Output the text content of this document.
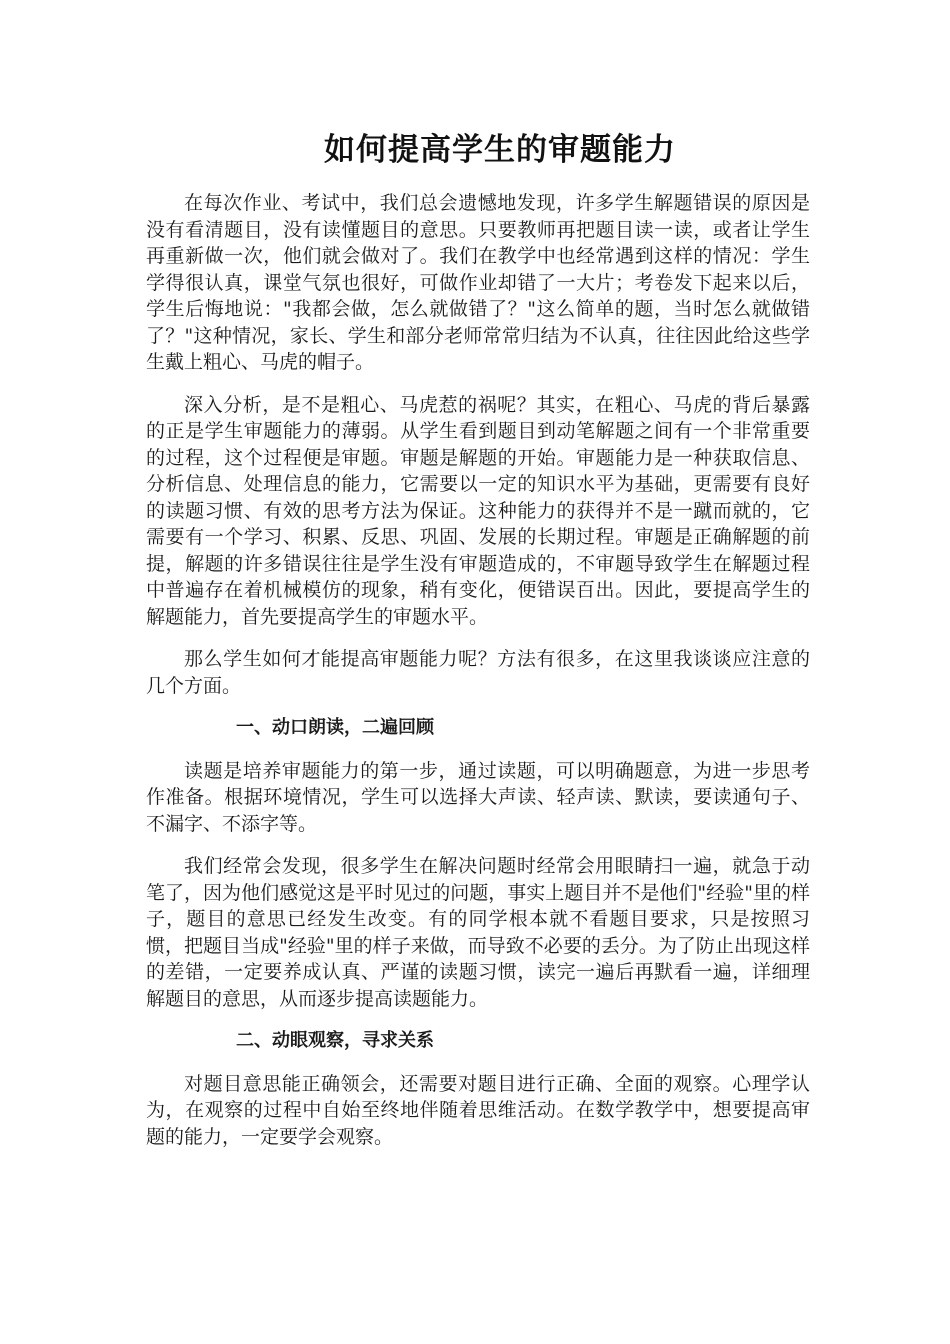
如何提高学生的审题能力

在每次作业、考试中，我们总会遗憾地发现，许多学生解题错误的原因是没有看清题目，没有读懂题目的意思。只要教师再把题目读一读，或者让学生再重新做一次，他们就会做对了。我们在教学中也经常遇到这样的情况：学生学得很认真，课堂气氛也很好，可做作业却错了一大片；考卷发下起来以后，学生后悔地说："我都会做，怎么就做错了？"这么简单的题，当时怎么就做错了？"这种情况，家长、学生和部分老师常常归结为不认真，往往因此给这些学生戴上粗心、马虎的帽子。

深入分析，是不是粗心、马虎惹的祸呢？其实，在粗心、马虎的背后暴露的正是学生审题能力的薄弱。从学生看到题目到动笔解题之间有一个非常重要的过程，这个过程便是审题。审题是解题的开始。审题能力是一种获取信息、分析信息、处理信息的能力，它需要以一定的知识水平为基础，更需要有良好的读题习惯、有效的思考方法为保证。这种能力的获得并不是一蹴而就的，它需要有一个学习、积累、反思、巩固、发展的长期过程。审题是正确解题的前提，解题的许多错误往往是学生没有审题造成的，不审题导致学生在解题过程中普遍存在着机械模仿的现象，稍有变化，便错误百出。因此，要提高学生的解题能力，首先要提高学生的审题水平。

那么学生如何才能提高审题能力呢？方法有很多，在这里我谈谈应注意的几个方面。

一、动口朗读，二遍回顾

读题是培养审题能力的第一步，通过读题，可以明确题意，为进一步思考作准备。根据环境情况，学生可以选择大声读、轻声读、默读，要读通句子、不漏字、不添字等。

我们经常会发现，很多学生在解决问题时经常会用眼睛扫一遍，就急于动笔了，因为他们感觉这是平时见过的问题，事实上题目并不是他们"经验"里的样子，题目的意思已经发生改变。有的同学根本就不看题目要求，只是按照习惯，把题目当成"经验"里的样子来做，而导致不必要的丢分。为了防止出现这样的差错，一定要养成认真、严谨的读题习惯，读完一遍后再默看一遍，详细理解题目的意思，从而逐步提高读题能力。

二、动眼观察，寻求关系

对题目意思能正确领会，还需要对题目进行正确、全面的观察。心理学认为，在观察的过程中自始至终地伴随着思维活动。在数学教学中，想要提高审题的能力，一定要学会观察。
